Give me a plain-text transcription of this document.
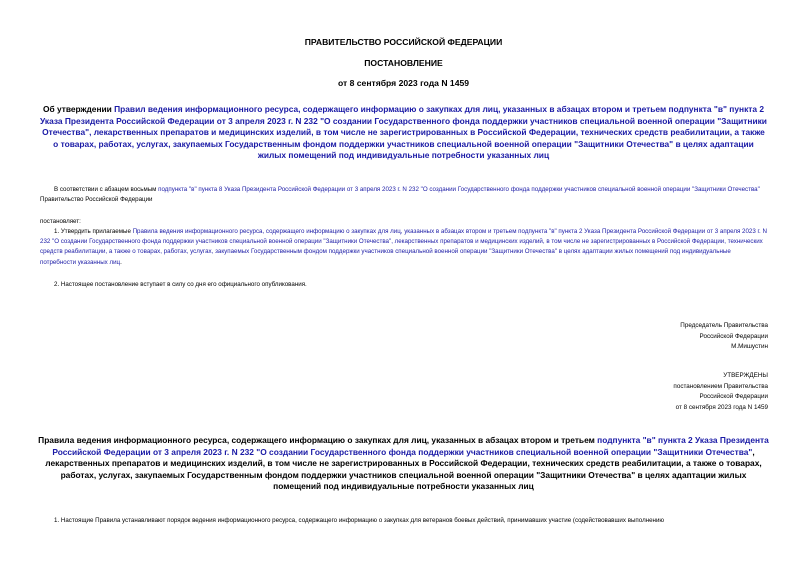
ПРАВИТЕЛЬСТВО РОССИЙСКОЙ ФЕДЕРАЦИИ
ПОСТАНОВЛЕНИЕ
от 8 сентября 2023 года N 1459
Об утверждении Правил ведения информационного ресурса, содержащего информацию о закупках для лиц, указанных в абзацах втором и третьем подпункта "в" пункта 2 Указа Президента Российской Федерации от 3 апреля 2023 г. N 232 "О создании Государственного фонда поддержки участников специальной военной операции "Защитники Отечества", лекарственных препаратов и медицинских изделий, в том числе не зарегистрированных в Российской Федерации, технических средств реабилитации, а также о товарах, работах, услугах, закупаемых Государственным фондом поддержки участников специальной военной операции "Защитники Отечества" в целях адаптации жилых помещений под индивидуальные потребности указанных лиц
В соответствии с абзацем восьмым подпункта "в" пункта 8 Указа Президента Российской Федерации от 3 апреля 2023 г. N 232 "О создании Государственного фонда поддержки участников специальной военной операции "Защитники Отечества" Правительство Российской Федерации
постановляет:
1. Утвердить прилагаемые Правила ведения информационного ресурса, содержащего информацию о закупках для лиц, указанных в абзацах втором и третьем подпункта "в" пункта 2 Указа Президента Российской Федерации от 3 апреля 2023 г. N 232 "О создании Государственного фонда поддержки участников специальной военной операции "Защитники Отечества", лекарственных препаратов и медицинских изделий, в том числе не зарегистрированных в Российской Федерации, технических средств реабилитации, а также о товарах, работах, услугах, закупаемых Государственным фондом поддержки участников специальной военной операции "Защитники Отечества" в целях адаптации жилых помещений под индивидуальные потребности указанных лиц.
2. Настоящее постановление вступает в силу со дня его официального опубликования.
Председатель Правительства
Российской Федерации
М.Мишустин
УТВЕРЖДЕНЫ
постановлением Правительства
Российской Федерации
от 8 сентября 2023 года N 1459
Правила ведения информационного ресурса, содержащего информацию о закупках для лиц, указанных в абзацах втором и третьем подпункта "в" пункта 2 Указа Президента Российской Федерации от 3 апреля 2023 г. N 232 "О создании Государственного фонда поддержки участников специальной военной операции "Защитники Отечества", лекарственных препаратов и медицинских изделий, в том числе не зарегистрированных в Российской Федерации, технических средств реабилитации, а также о товарах, работах, услугах, закупаемых Государственным фондом поддержки участников специальной военной операции "Защитники Отечества" в целях адаптации жилых помещений под индивидуальные потребности указанных лиц
1. Настоящие Правила устанавливают порядок ведения информационного ресурса, содержащего информацию о закупках для ветеранов боевых действий, принимавших участие (содействовавших выполнению
